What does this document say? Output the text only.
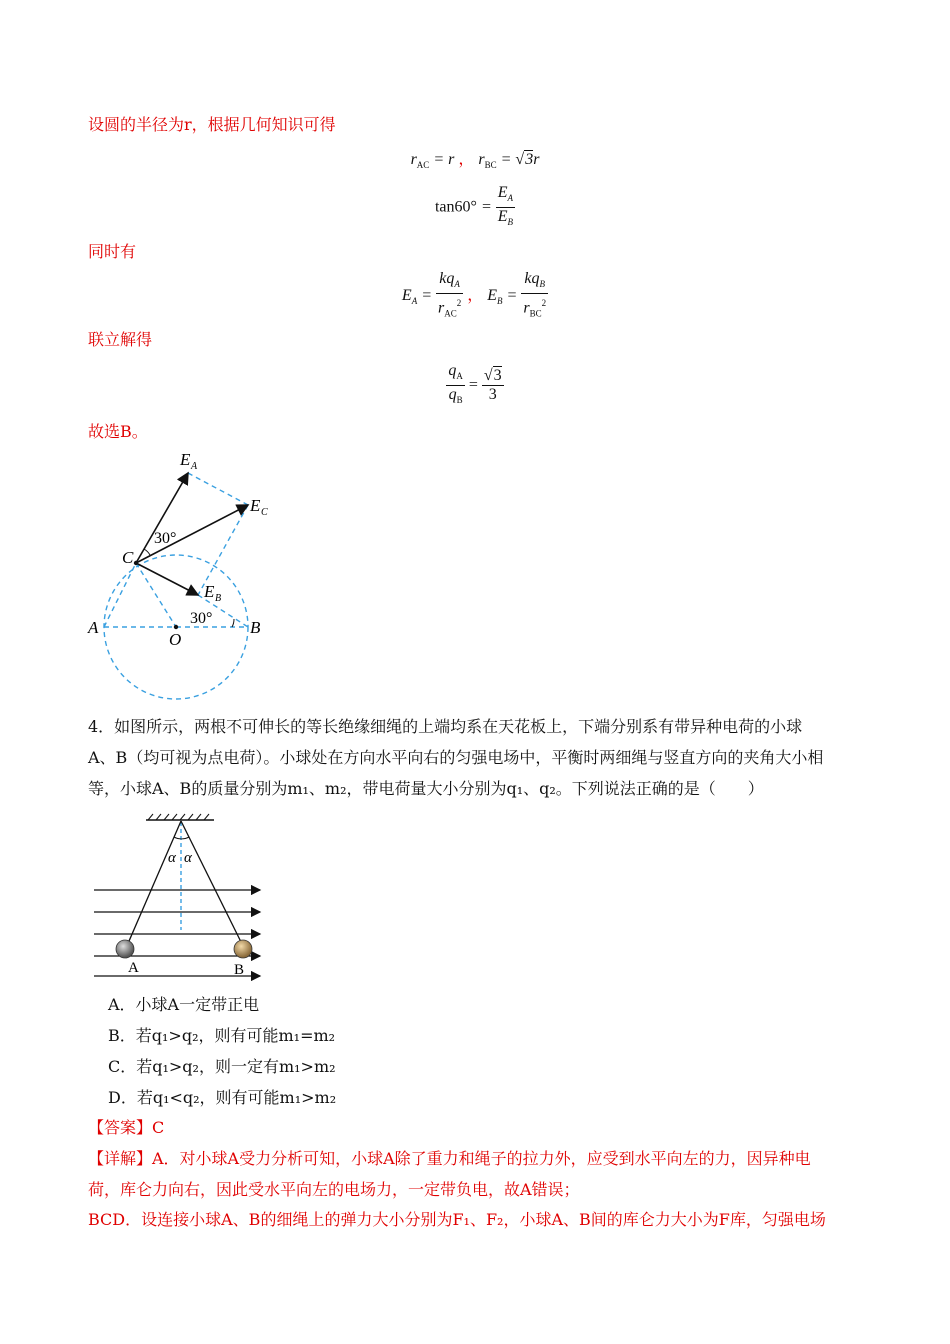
设圆的半径为r，根据几何知识可得
$r_{AC} = r$ ， $r_{BC} = √3r$
$\tan 60^\circ = \frac{E_A}{E_B}$
同时有
$E_A = \frac{kq_A}{r_{AC}^2}$ ， $E_B = \frac{kq_B}{r_{BC}^2}$
联立解得
$\frac{q_A}{q_B} = \frac{√3}{3}$
故选B。
E A
E C
E B
C
A
O
B
30°
30°
4．如图所示，两根不可伸长的等长绝缘细绳的上端均系在天花板上，下端分别系有带异种电荷的小球
A、B（均可视为点电荷）。小球处在方向水平向右的匀强电场中，平衡时两细绳与竖直方向的夹角大小相
等，小球A、B的质量分别为m₁、m₂，带电荷量大小分别为q₁、q₂。下列说法正确的是（　　）
α α
A	B
A．小球A一定带正电
B．若q₁>q₂，则有可能m₁=m₂
C．若q₁>q₂，则一定有m₁>m₂
D．若q₁<q₂，则有可能m₁>m₂
【答案】C
【详解】A．对小球A受力分析可知，小球A除了重力和绳子的拉力外，应受到水平向左的力，因异种电
荷，库仑力向右，因此受水平向左的电场力，一定带负电，故A错误；
BCD．设连接小球A、B的细绳上的弹力大小分别为F₁、F₂，小球A、B间的库仑力大小为F库，匀强电场
